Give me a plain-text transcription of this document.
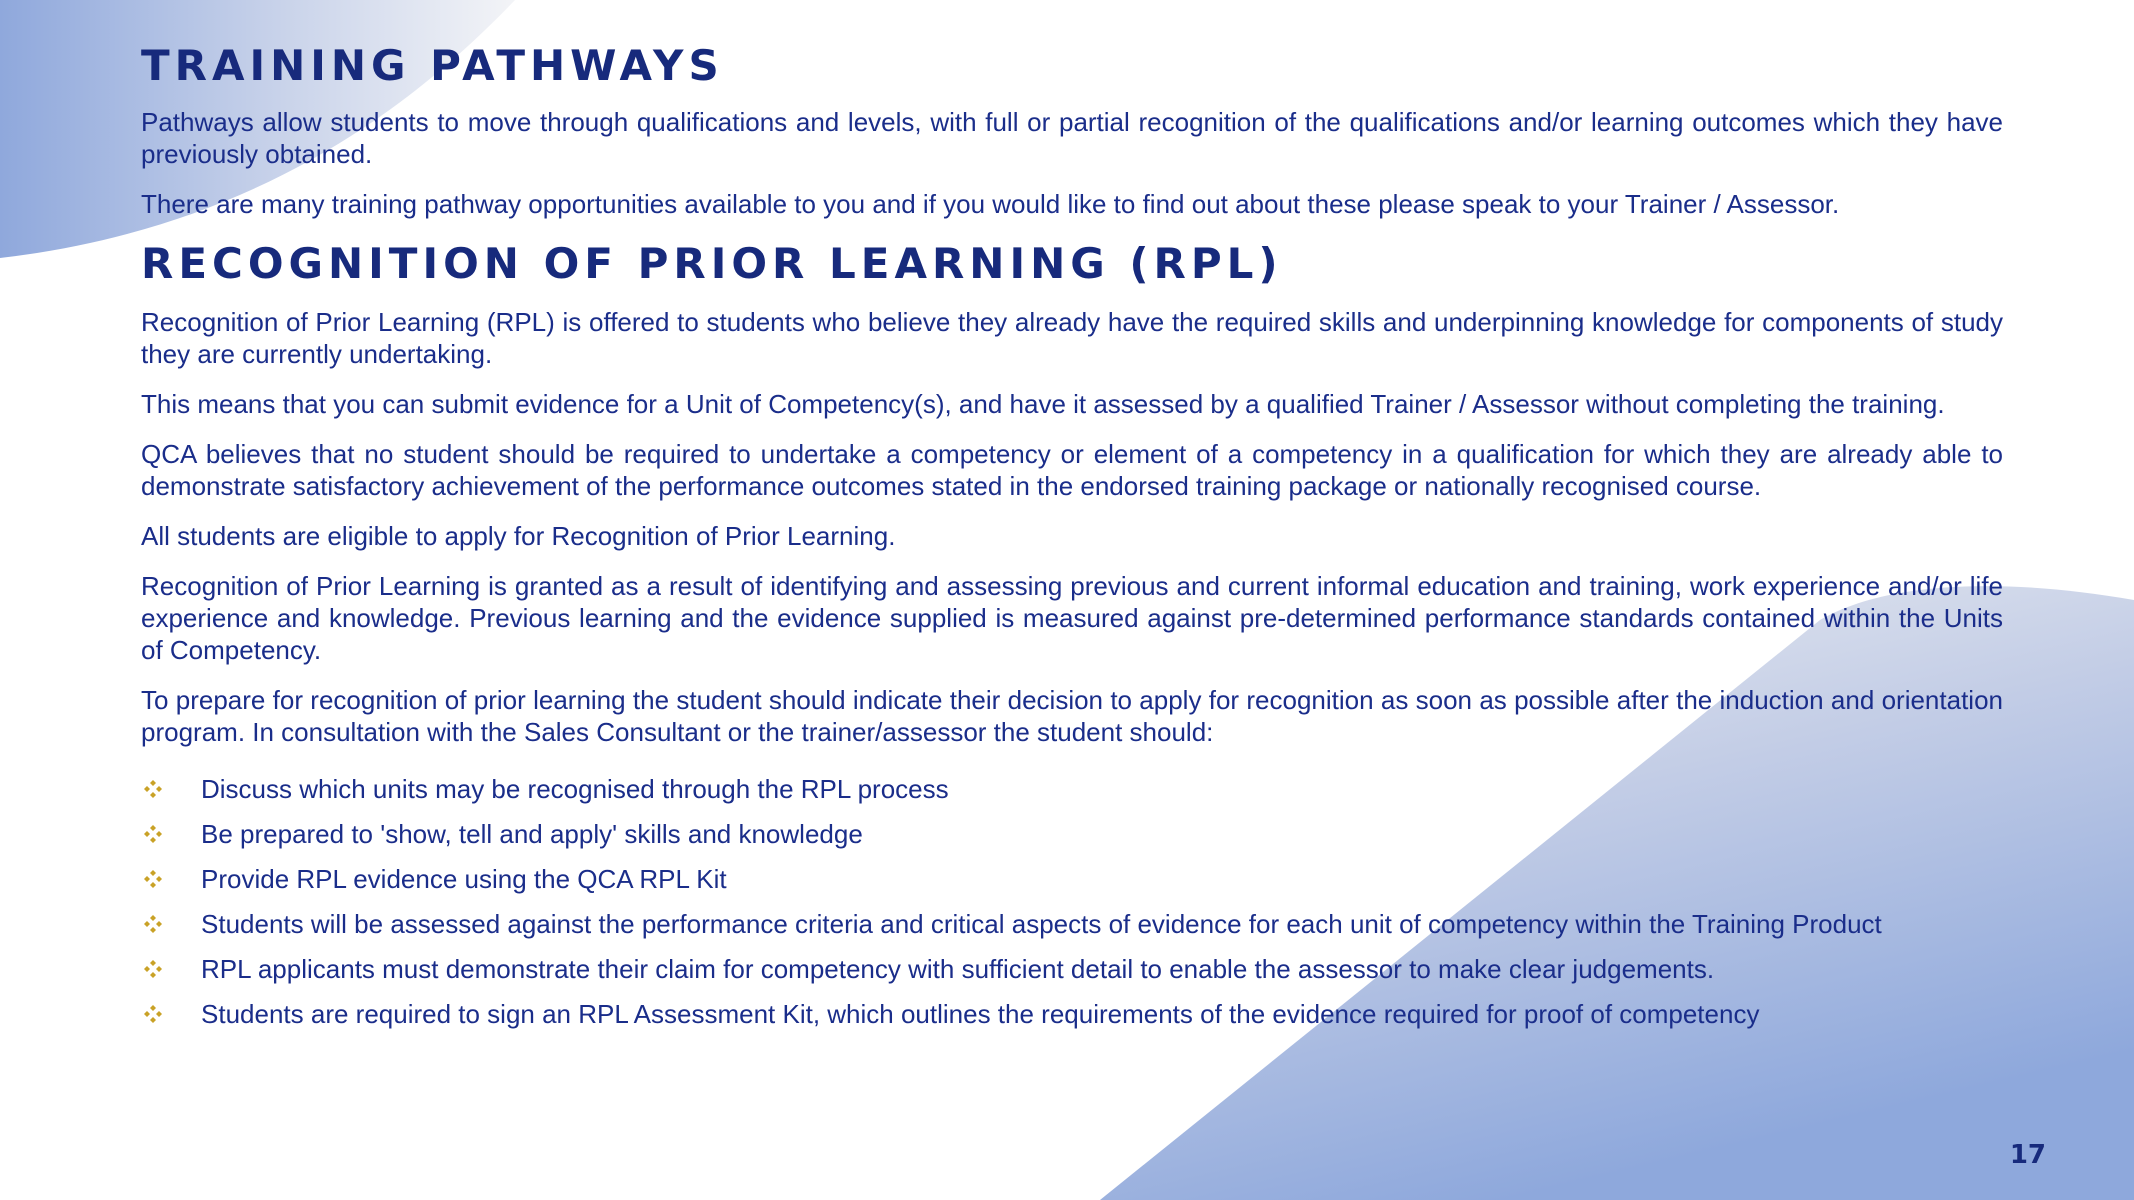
TRAINING PATHWAYS

Pathways allow students to move through qualifications and levels, with full or partial recognition of the qualifications and/or learning outcomes which they have previously obtained.

There are many training pathway opportunities available to you and if you would like to find out about these please speak to your Trainer / Assessor.

RECOGNITION OF PRIOR LEARNING (RPL)

Recognition of Prior Learning (RPL) is offered to students who believe they already have the required skills and underpinning knowledge for components of study they are currently undertaking.

This means that you can submit evidence for a Unit of Competency(s), and have it assessed by a qualified Trainer / Assessor without completing the training.

QCA believes that no student should be required to undertake a competency or element of a competency in a qualification for which they are already able to demonstrate satisfactory achievement of the performance outcomes stated in the endorsed training package or nationally recognised course.

All students are eligible to apply for Recognition of Prior Learning.

Recognition of Prior Learning is granted as a result of identifying and assessing previous and current informal education and training, work experience and/or life experience and knowledge. Previous learning and the evidence supplied is measured against pre-determined performance standards contained within the Units of Competency.

To prepare for recognition of prior learning the student should indicate their decision to apply for recognition as soon as possible after the induction and orientation program. In consultation with the Sales Consultant or the trainer/assessor the student should:

Discuss which units may be recognised through the RPL process
Be prepared to 'show, tell and apply' skills and knowledge
Provide RPL evidence using the QCA RPL Kit
Students will be assessed against the performance criteria and critical aspects of evidence for each unit of competency within the Training Product
RPL applicants must demonstrate their claim for competency with sufficient detail to enable the assessor to make clear judgements.
Students are required to sign an RPL Assessment Kit, which outlines the requirements of the evidence required for proof of competency
17
